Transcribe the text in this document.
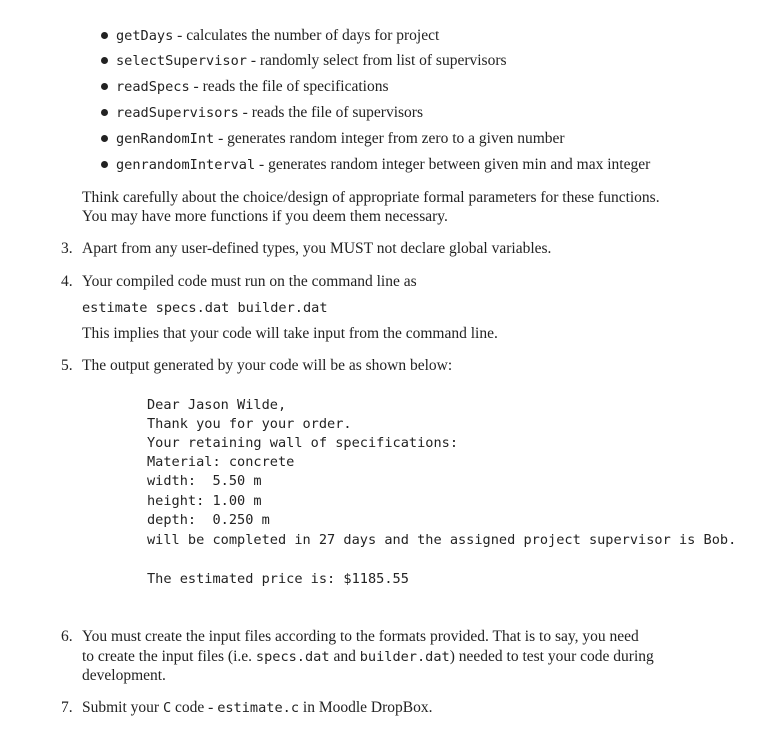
getDays - calculates the number of days for project
selectSupervisor - randomly select from list of supervisors
readSpecs - reads the file of specifications
readSupervisors - reads the file of supervisors
genRandomInt - generates random integer from zero to a given number
genrandomInterval - generates random integer between given min and max integer
Think carefully about the choice/design of appropriate formal parameters for these functions.
You may have more functions if you deem them necessary.
3. Apart from any user-defined types, you MUST not declare global variables.
4. Your compiled code must run on the command line as
estimate specs.dat builder.dat
This implies that your code will take input from the command line.
5. The output generated by your code will be as shown below:
Dear Jason Wilde,
Thank you for your order.
Your retaining wall of specifications:
Material: concrete
width:  5.50 m
height: 1.00 m
depth:  0.250 m
will be completed in 27 days and the assigned project supervisor is Bob.
The estimated price is: $1185.55
6. You must create the input files according to the formats provided. That is to say, you need
to create the input files (i.e. specs.dat and builder.dat) needed to test your code during
development.
7. Submit your C code - estimate.c in Moodle DropBox.
